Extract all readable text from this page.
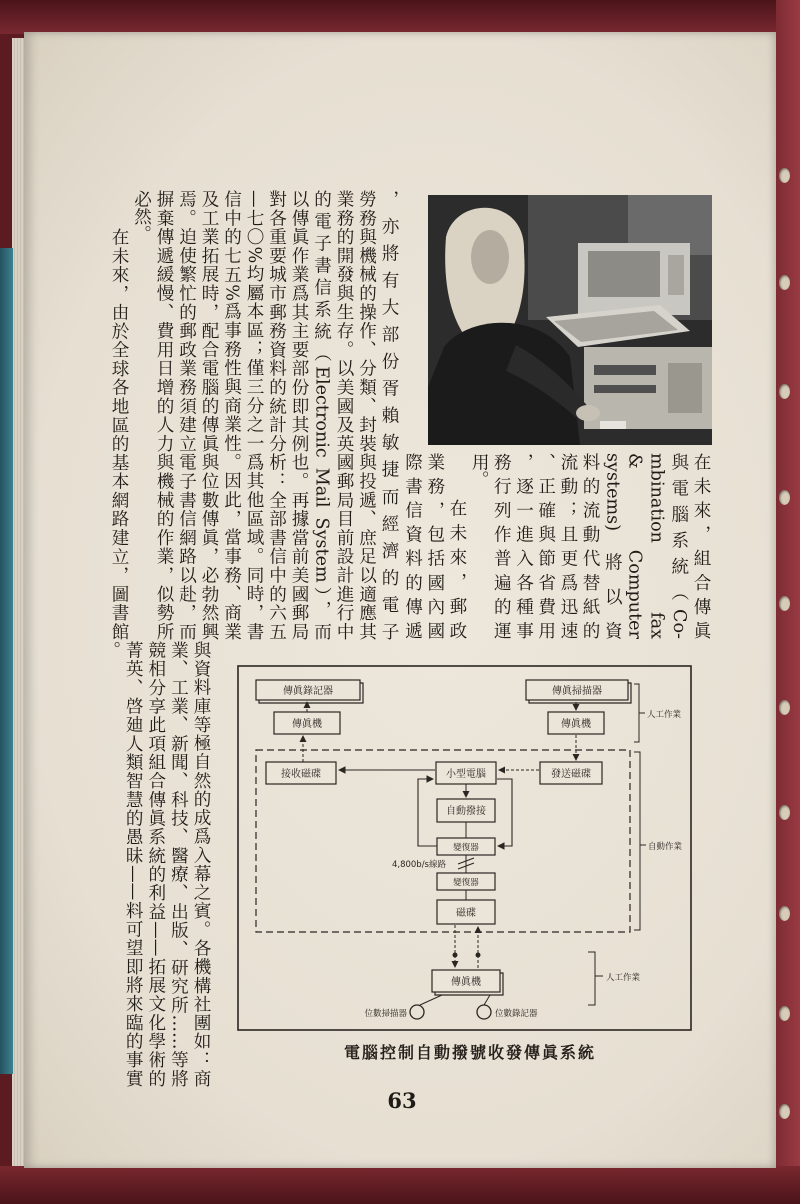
在未來，組合傳眞
與電腦系統（Co-
mbination fax
& Computer
systems) 將以資
料的流動代替紙的
流動；且更爲迅速
、正確與節省費用
，逐一進入各種事
務行列作普遍的運
用。
在未來，郵政
業務，包括國內國
際書信資料的傳遞
，亦將有大部份胥賴敏捷而經濟的電子
勞務與機械的操作、分類、封裝與投遞、庶足以適應其
業務的開發與生存。以美國及英國郵局目前設計進行中
的電子書信系統（Electronic Mail System），而
以傳眞作業爲其主要部份即其例也。再據當前美國郵局
對各重要城市郵務資料的統計分析：全部書信中的六五
—七〇%均屬本區；僅三分之一爲其他區域。同時，書
信中的七五%爲事務性與商業性。因此，當事務、商業
及工業拓展時，配合電腦的傳眞與位數傳眞，必勃然興
焉。迫使繁忙的郵政業務須建立電子書信網路以赴，而
摒棄傳遞緩慢、費用日增的人力與機械的作業，似勢所
必然。
在未來，由於全球各地區的基本網路建立，圖書館
與資料庫等極自然的成爲入幕之賓。各機構社團如：商
業、工業、新聞、科技、醫療、出版、研究所……等將
競相分享此項組合傳眞系統的利益——拓展文化學術的
菁英、啓廸人類智慧的愚昧——料可望即將來臨的事實
。
傳眞錄記器
傳眞機
傳眞掃描器
傳眞機
人工作業
自動作業
接收磁碟	小型電腦	發送磁碟
自動撥接
變復器
4,800b/s線路
變復器
磁碟
傳眞機	人工作業
位數掃描器	位數錄記器
電腦控制自動撥號收發傳眞系統
63
